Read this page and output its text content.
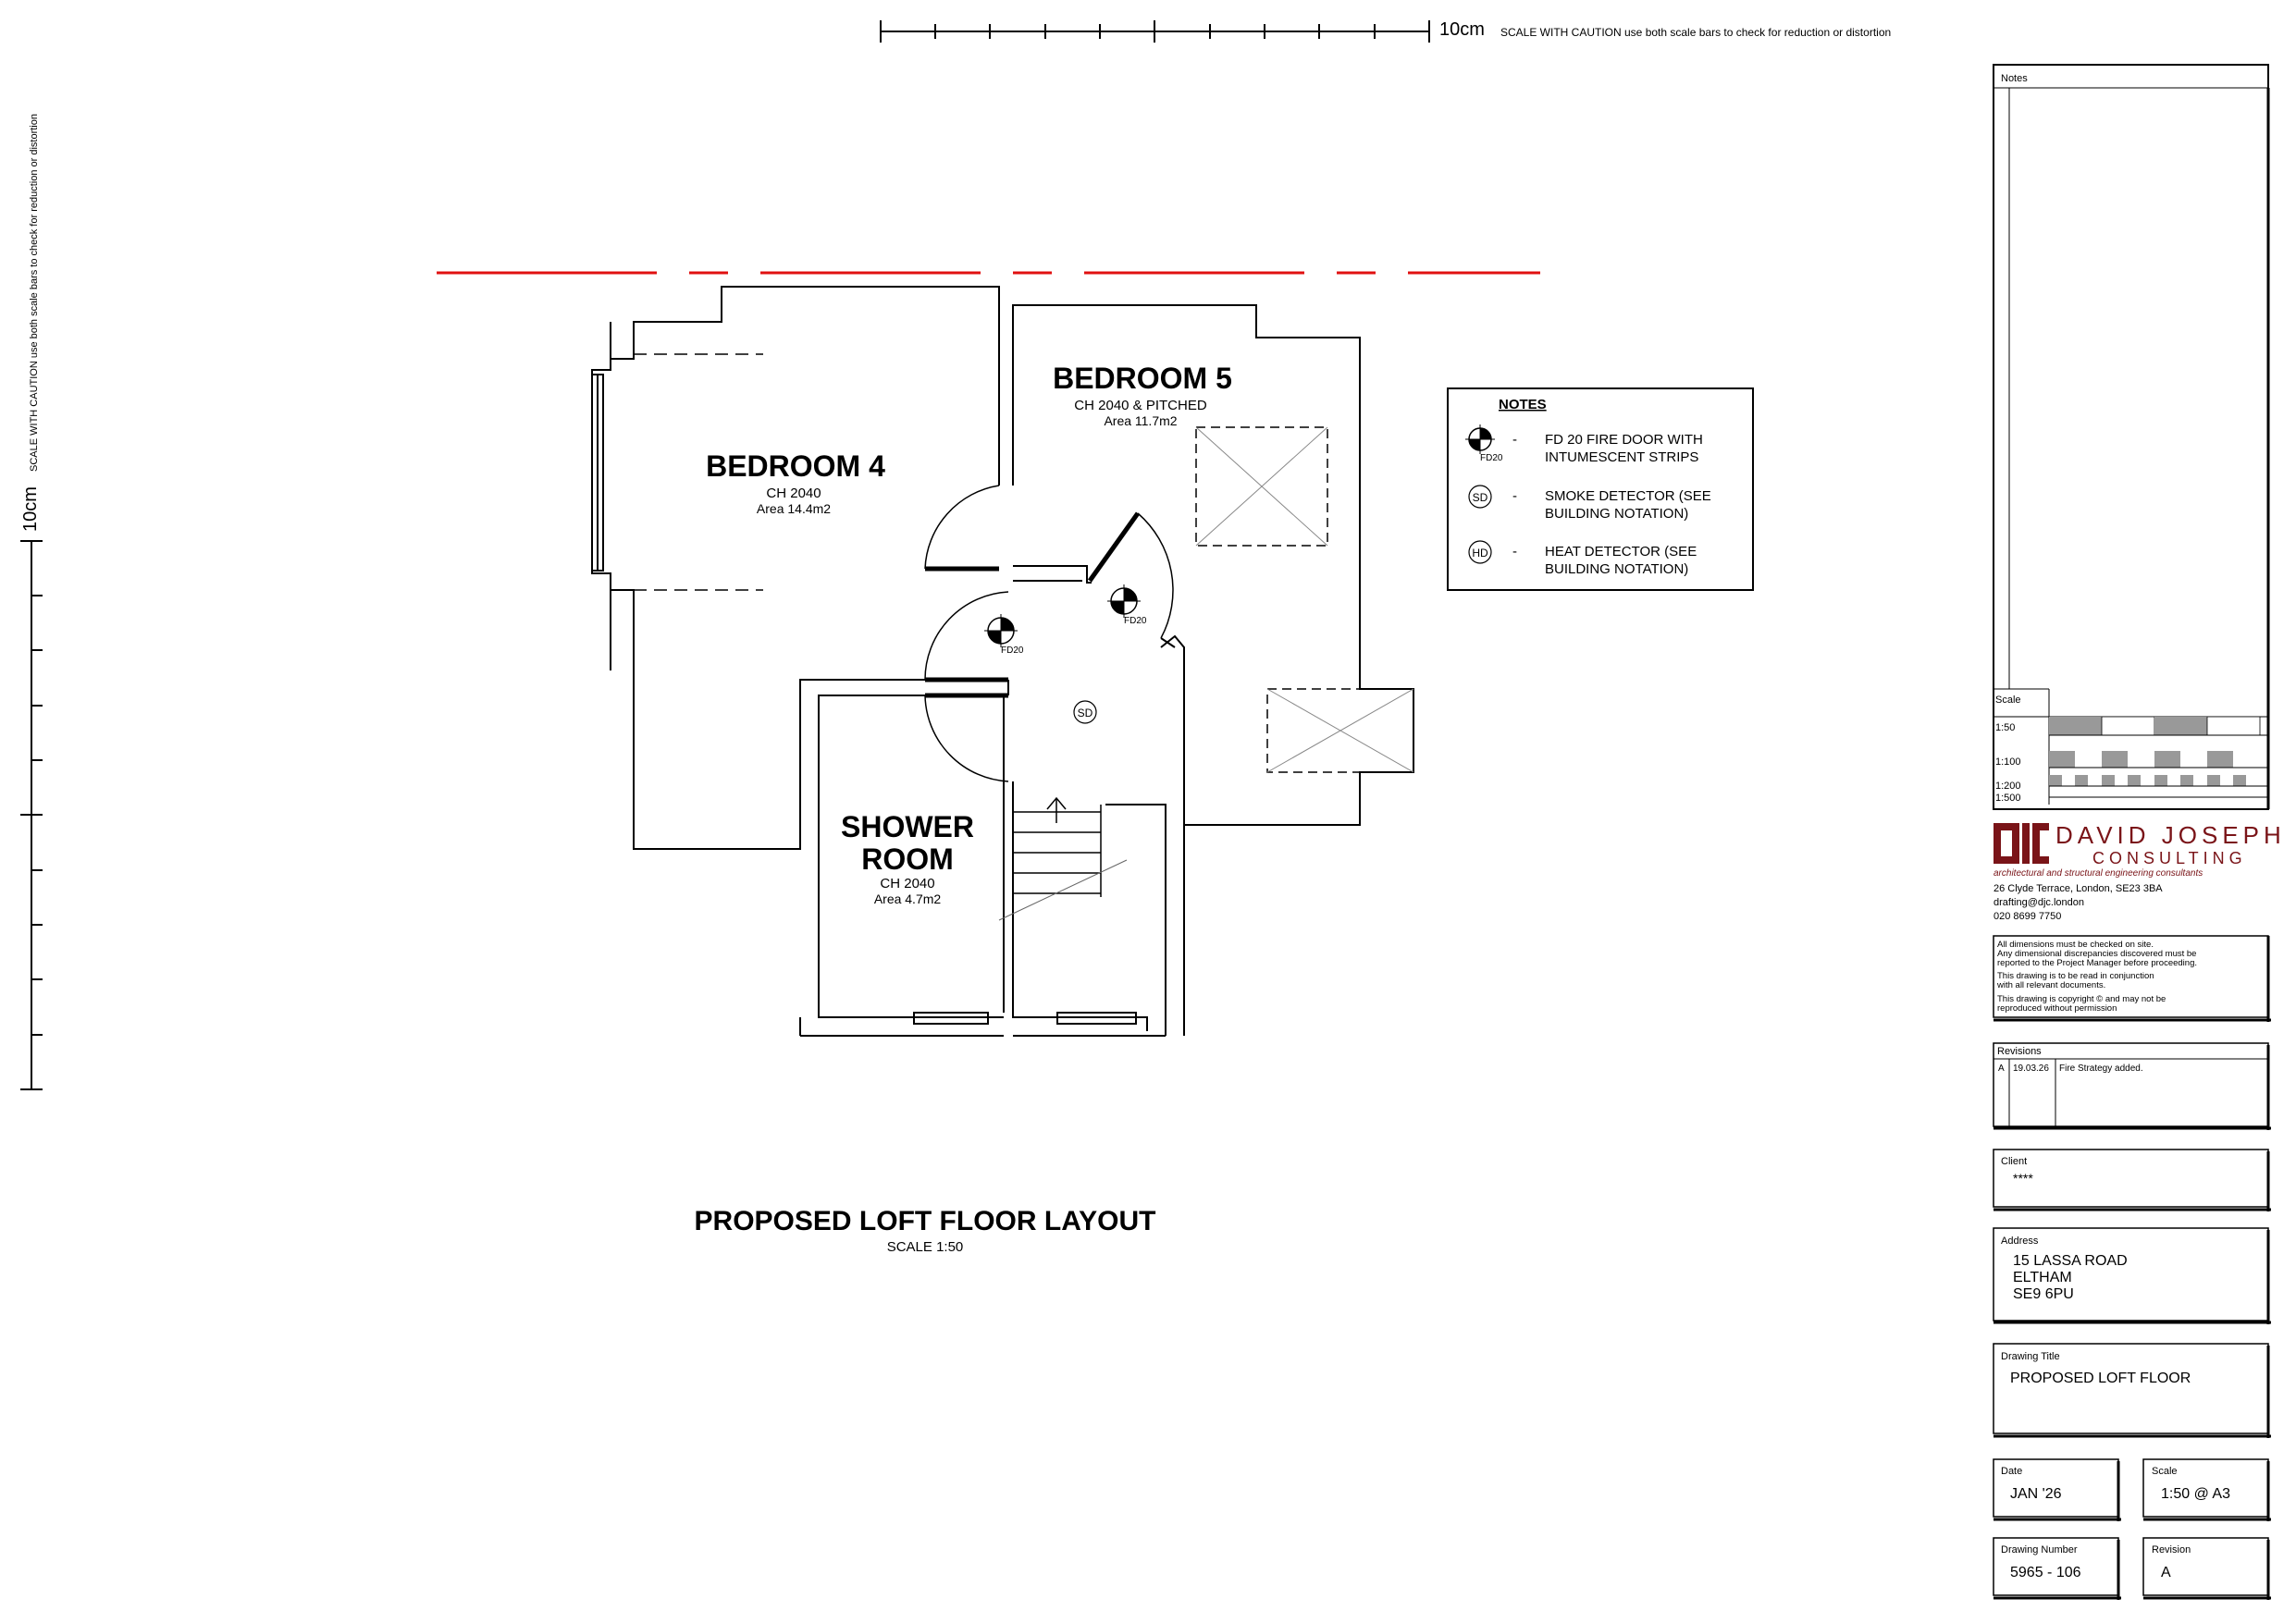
10cm SCALE WITH CAUTION use both scale bars to check for reduction or distortion
10cm
SCALE WITH CAUTION use both scale bars to check for reduction or distortion	BEDROOM 4
CH 2040
Area 14.4m2
BEDROOM 5
CH 2040 & PITCHED
Area 11.7m2
SHOWER
ROOM
CH 2040
Area 4.7m2
FD20
FD20
SD
NOTES
FD20
- FD 20 FIRE DOOR WITH
INTUMESCENT STRIPS
SD - SMOKE DETECTOR (SEE
BUILDING NOTATION)
HD - HEAT DETECTOR (SEE
BUILDING NOTATION)
PROPOSED LOFT FLOOR LAYOUT
SCALE 1:50
Notes
Scale
1:50
1:100
1:200
1:500
DAVID JOSEPH
CONSULTING
architectural and structural engineering consultants
26 Clyde Terrace, London, SE23 3BA
drafting@djc.london
020 8699 7750
All dimensions must be checked on site.
Any dimensional discrepancies discovered must be
reported to the Project Manager before proceeding.
This drawing is to be read in conjunction
with all relevant documents.
This drawing is copyright © and may not be
reproduced without permission
Revisions
A 19.03.26 Fire Strategy added.
Client
****
Address
15 LASSA ROAD
ELTHAM
SE9 6PU
Drawing Title
PROPOSED LOFT FLOOR
Date
JAN '26
Scale
1:50 @ A3
Drawing Number
5965 - 106
Revision
A
